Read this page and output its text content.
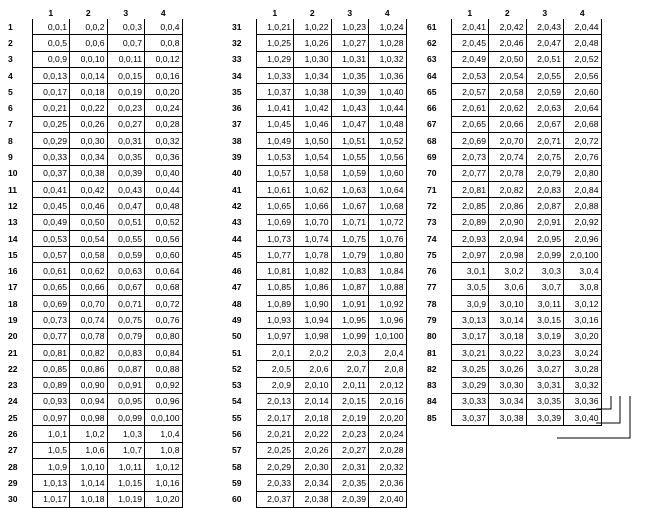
	1	2	3	4
1	0,0,1	0,0,2	0,0,3	0,0,4
2	0,0,5	0,0,6	0,0,7	0,0,8
3	0,0,9	0,0,10	0,0,11	0,0,12
4	0,0,13	0,0,14	0,0,15	0,0,16
5	0,0,17	0,0,18	0,0,19	0,0,20
6	0,0,21	0,0,22	0,0,23	0,0,24
7	0,0,25	0,0,26	0,0,27	0,0,28
8	0,0,29	0,0,30	0,0,31	0,0,32
9	0,0,33	0,0,34	0,0,35	0,0,36
10	0,0,37	0,0,38	0,0,39	0,0,40
11	0,0,41	0,0,42	0,0,43	0,0,44
12	0,0,45	0,0,46	0,0,47	0,0,48
13	0,0,49	0,0,50	0,0,51	0,0,52
14	0,0,53	0,0,54	0,0,55	0,0,56
15	0,0,57	0,0,58	0,0,59	0,0,60
16	0,0,61	0,0,62	0,0,63	0,0,64
17	0,0,65	0,0,66	0,0,67	0,0,68
18	0,0,69	0,0,70	0,0,71	0,0,72
19	0,0,73	0,0,74	0,0,75	0,0,76
20	0,0,77	0,0,78	0,0,79	0,0,80
21	0,0,81	0,0,82	0,0,83	0,0,84
22	0,0,85	0,0,86	0,0,87	0,0,88
23	0,0,89	0,0,90	0,0,91	0,0,92
24	0,0,93	0,0,94	0,0,95	0,0,96
25	0,0,97	0,0,98	0,0,99	0,0,100
26	1,0,1	1,0,2	1,0,3	1,0,4
27	1,0,5	1,0,6	1,0,7	1,0,8
28	1,0,9	1,0,10	1,0,11	1,0,12
29	1,0,13	1,0,14	1,0,15	1,0,16
30	1,0,17	1,0,18	1,0,19	1,0,20
	1	2	3	4
31	1,0,21	1,0,22	1,0,23	1,0,24
32	1,0,25	1,0,26	1,0,27	1,0,28
33	1,0,29	1,0,30	1,0,31	1,0,32
34	1,0,33	1,0,34	1,0,35	1,0,36
35	1,0,37	1,0,38	1,0,39	1,0,40
36	1,0,41	1,0,42	1,0,43	1,0,44
37	1,0,45	1,0,46	1,0,47	1,0,48
38	1,0,49	1,0,50	1,0,51	1,0,52
39	1,0,53	1,0,54	1,0,55	1,0,56
40	1,0,57	1,0,58	1,0,59	1,0,60
41	1,0,61	1,0,62	1,0,63	1,0,64
42	1,0,65	1,0,66	1,0,67	1,0,68
43	1,0,69	1,0,70	1,0,71	1,0,72
44	1,0,73	1,0,74	1,0,75	1,0,76
45	1,0,77	1,0,78	1,0,79	1,0,80
46	1,0,81	1,0,82	1,0,83	1,0,84
47	1,0,85	1,0,86	1,0,87	1,0,88
48	1,0,89	1,0,90	1,0,91	1,0,92
49	1,0,93	1,0,94	1,0,95	1,0,96
50	1,0,97	1,0,98	1,0,99	1,0,100
51	2,0,1	2,0,2	2,0,3	2,0,4
52	2,0,5	2,0,6	2,0,7	2,0,8
53	2,0,9	2,0,10	2,0,11	2,0,12
54	2,0,13	2,0,14	2,0,15	2,0,16
55	2,0,17	2,0,18	2,0,19	2,0,20
56	2,0,21	2,0,22	2,0,23	2,0,24
57	2,0,25	2,0,26	2,0,27	2,0,28
58	2,0,29	2,0,30	2,0,31	2,0,32
59	2,0,33	2,0,34	2,0,35	2,0,36
60	2,0,37	2,0,38	2,0,39	2,0,40
	1	2	3	4
61	2,0,41	2,0,42	2,0,43	2,0,44
62	2,0,45	2,0,46	2,0,47	2,0,48
63	2,0,49	2,0,50	2,0,51	2,0,52
64	2,0,53	2,0,54	2,0,55	2,0,56
65	2,0,57	2,0,58	2,0,59	2,0,60
66	2,0,61	2,0,62	2,0,63	2,0,64
67	2,0,65	2,0,66	2,0,67	2,0,68
68	2,0,69	2,0,70	2,0,71	2,0,72
69	2,0,73	2,0,74	2,0,75	2,0,76
70	2,0,77	2,0,78	2,0,79	2,0,80
71	2,0,81	2,0,82	2,0,83	2,0,84
72	2,0,85	2,0,86	2,0,87	2,0,88
73	2,0,89	2,0,90	2,0,91	2,0,92
74	2,0,93	2,0,94	2,0,95	2,0,96
75	2,0,97	2,0,98	2,0,99	2,0,100
76	3,0,1	3,0,2	3,0,3	3,0,4
77	3,0,5	3,0,6	3,0,7	3,0,8
78	3,0,9	3,0,10	3,0,11	3,0,12
79	3,0,13	3,0,14	3,0,15	3,0,16
80	3,0,17	3,0,18	3,0,19	3,0,20
81	3,0,21	3,0,22	3,0,23	3,0,24
82	3,0,25	3,0,26	3,0,27	3,0,28
83	3,0,29	3,0,30	3,0,31	3,0,32
84	3,0,33	3,0,34	3,0,35	3,0,36
85	3,0,37	3,0,38	3,0,39	3,0,40
